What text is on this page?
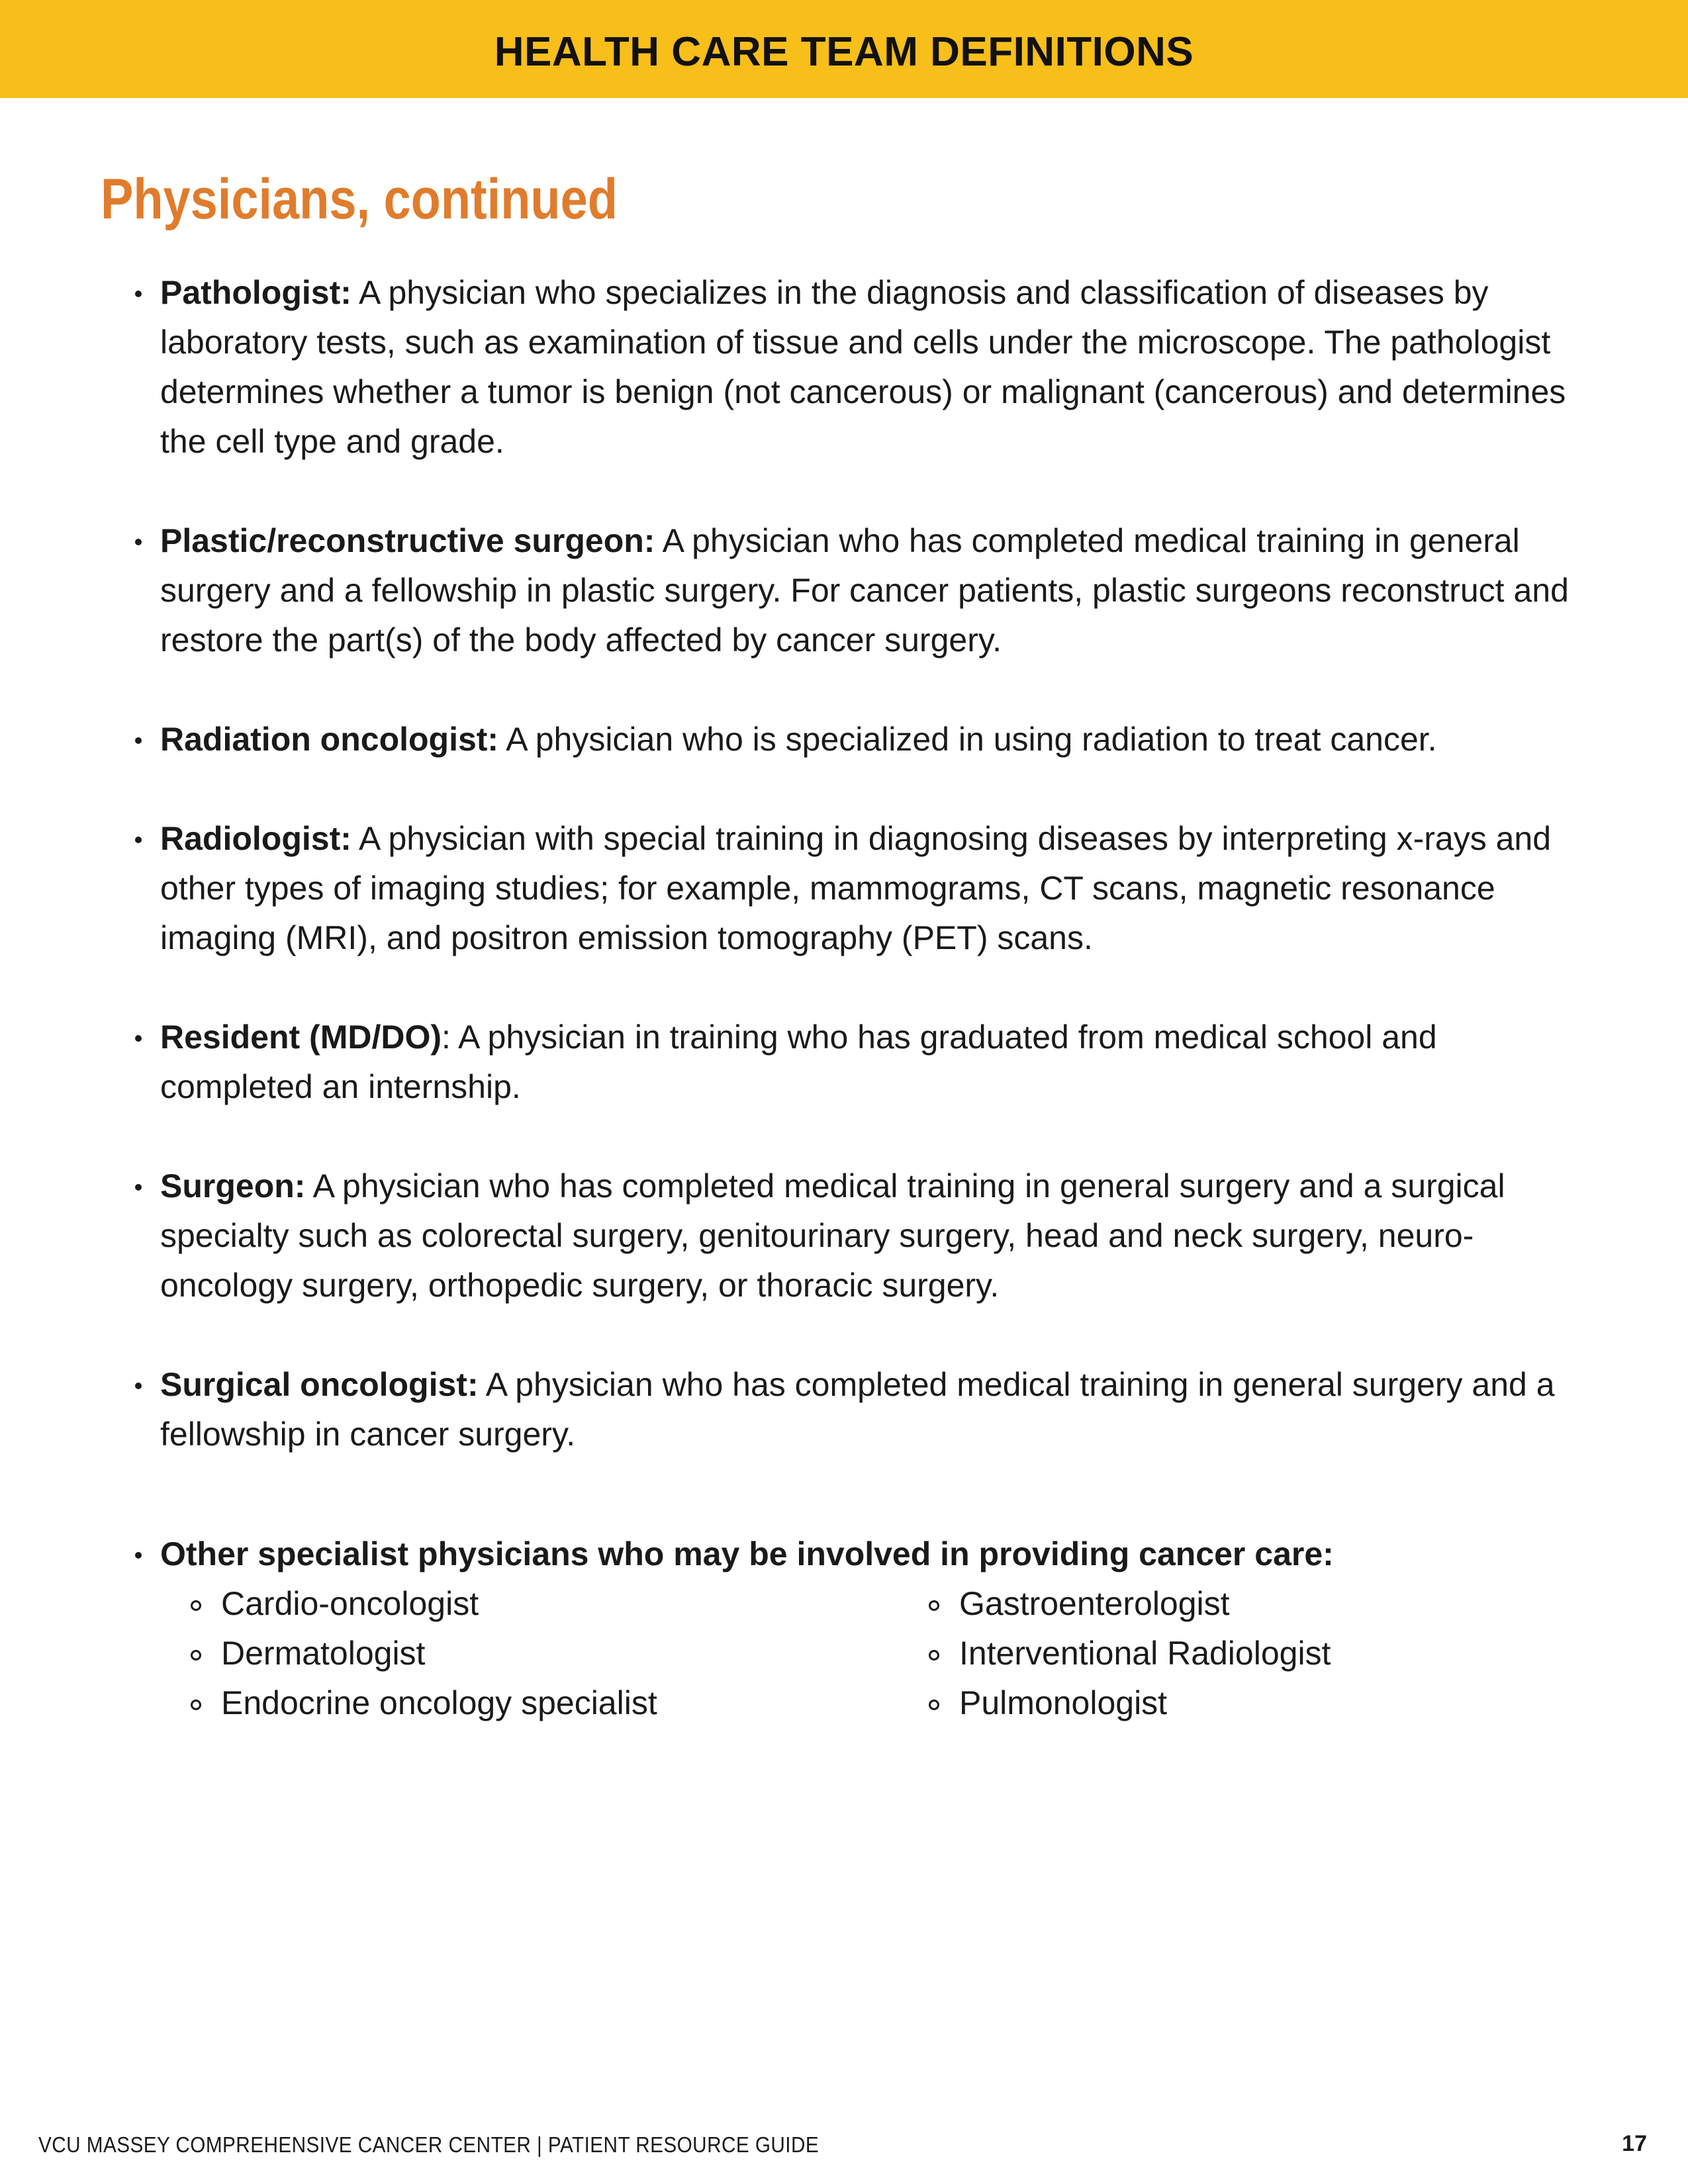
HEALTH CARE TEAM DEFINITIONS
Physicians, continued
Pathologist: A physician who specializes in the diagnosis and classification of diseases by laboratory tests, such as examination of tissue and cells under the microscope. The pathologist determines whether a tumor is benign (not cancerous) or malignant (cancerous) and determines the cell type and grade.
Plastic/reconstructive surgeon: A physician who has completed medical training in general surgery and a fellowship in plastic surgery. For cancer patients, plastic surgeons reconstruct and restore the part(s) of the body affected by cancer surgery.
Radiation oncologist: A physician who is specialized in using radiation to treat cancer.
Radiologist: A physician with special training in diagnosing diseases by interpreting x-rays and other types of imaging studies; for example, mammograms, CT scans, magnetic resonance imaging (MRI), and positron emission tomography (PET) scans.
Resident (MD/DO): A physician in training who has graduated from medical school and completed an internship.
Surgeon: A physician who has completed medical training in general surgery and a surgical specialty such as colorectal surgery, genitourinary surgery, head and neck surgery, neuro-oncology surgery, orthopedic surgery, or thoracic surgery.
Surgical oncologist: A physician who has completed medical training in general surgery and a fellowship in cancer surgery.
Other specialist physicians who may be involved in providing cancer care:
Cardio-oncologist
Dermatologist
Endocrine oncology specialist
Gastroenterologist
Interventional Radiologist
Pulmonologist
VCU MASSEY COMPREHENSIVE CANCER CENTER | PATIENT RESOURCE GUIDE	17
